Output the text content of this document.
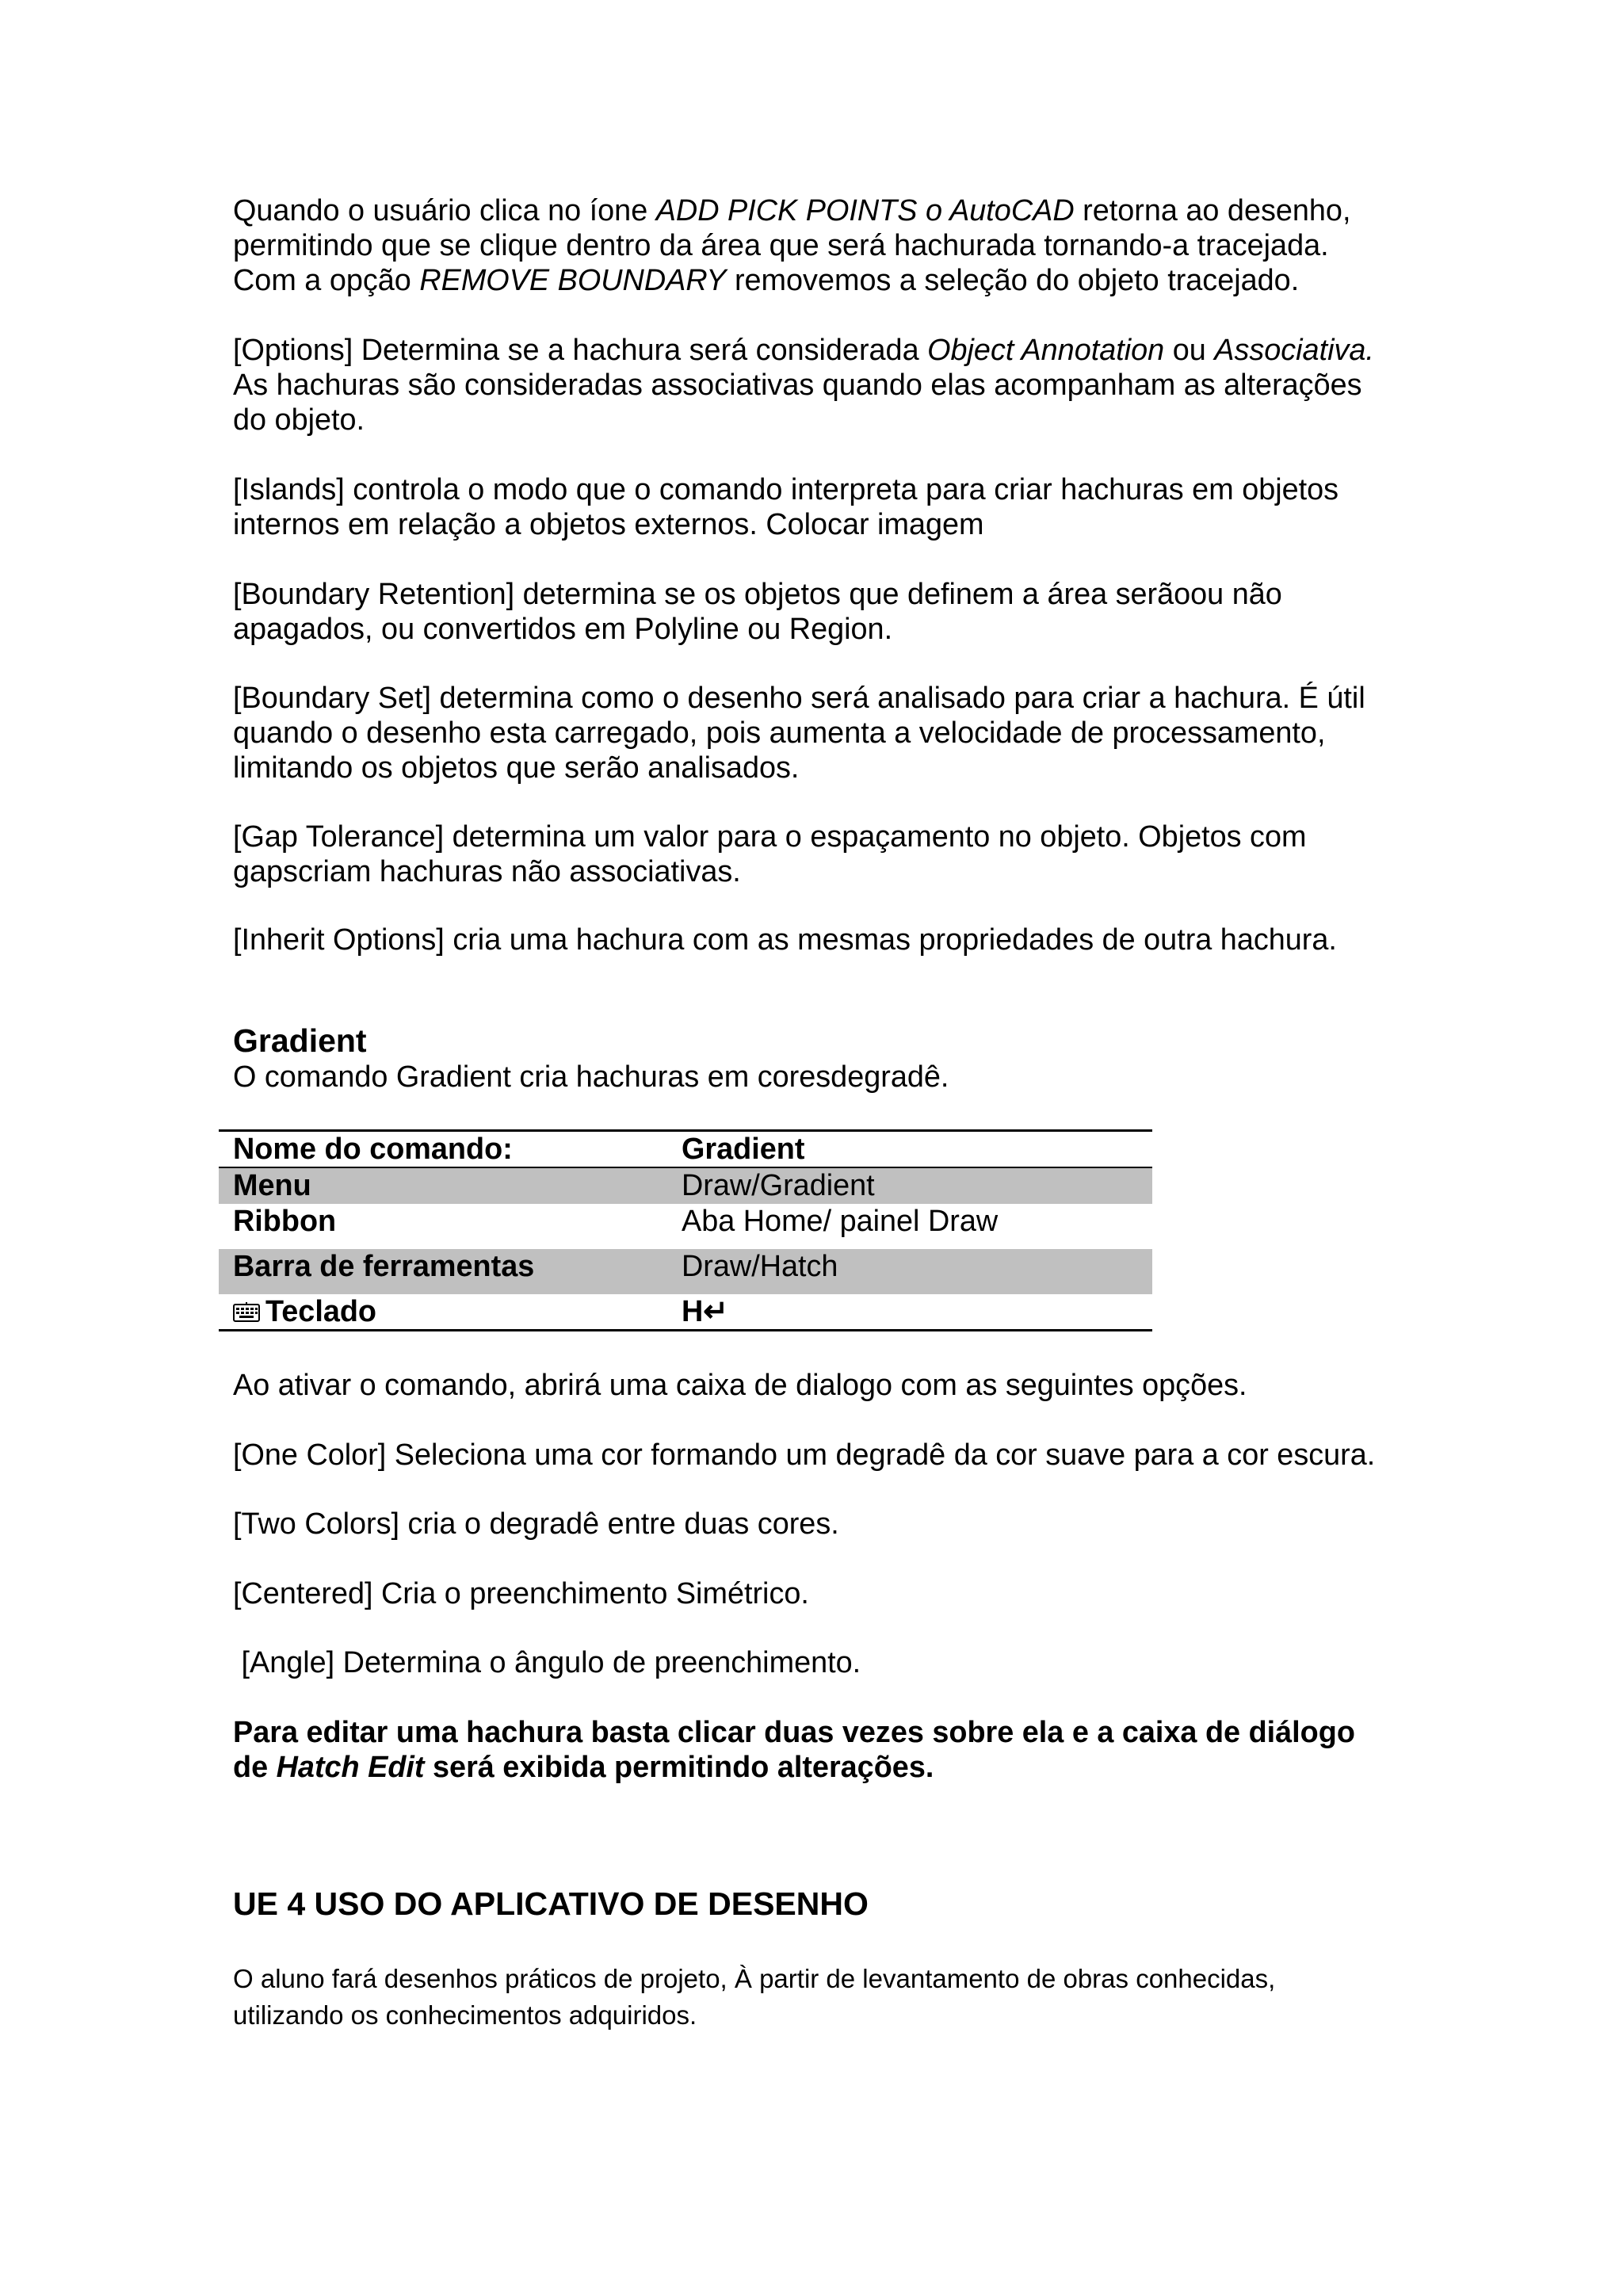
Quando o usuário clica no íone ADD PICK POINTS o AutoCAD retorna ao desenho,
permitindo que se clique dentro da área que será hachurada tornando-a tracejada.
Com a opção REMOVE BOUNDARY removemos a seleção do objeto tracejado.
[Options] Determina se a hachura será considerada Object Annotation ou Associativa.
As hachuras são consideradas associativas quando elas acompanham as alterações
do objeto.
[Islands] controla o modo que o comando interpreta para criar hachuras em objetos
internos em relação a objetos externos. Colocar imagem
[Boundary Retention] determina se os objetos que definem a área serãoou não
apagados, ou convertidos em Polyline ou Region.
[Boundary Set] determina como o desenho será analisado para criar a hachura. É útil
quando o desenho esta carregado, pois aumenta a velocidade de processamento,
limitando os objetos que serão analisados.
[Gap Tolerance] determina um valor para o espaçamento no objeto. Objetos com
gapscriam hachuras não associativas.
[Inherit Options] cria uma hachura com as mesmas propriedades de outra hachura.
Gradient
O comando Gradient cria hachuras em coresdegradê.
Nome do comando:	Gradient
Menu	Draw/Gradient
Ribbon	Aba Home/ painel Draw
Barra de ferramentas	Draw/Hatch
Teclado	H↵
Ao ativar o comando, abrirá uma caixa de dialogo com as seguintes opções.
[One Color] Seleciona uma cor formando um degradê da cor suave para a cor escura.
[Two Colors] cria o degradê entre duas cores.
[Centered] Cria o preenchimento Simétrico.
[Angle] Determina o ângulo de preenchimento.
Para editar uma hachura basta clicar duas vezes sobre ela e a caixa de diálogo
de Hatch Edit será exibida permitindo alterações.
UE 4 USO DO APLICATIVO DE DESENHO
O aluno fará desenhos práticos de projeto, À partir de levantamento de obras conhecidas,
utilizando os conhecimentos adquiridos.
